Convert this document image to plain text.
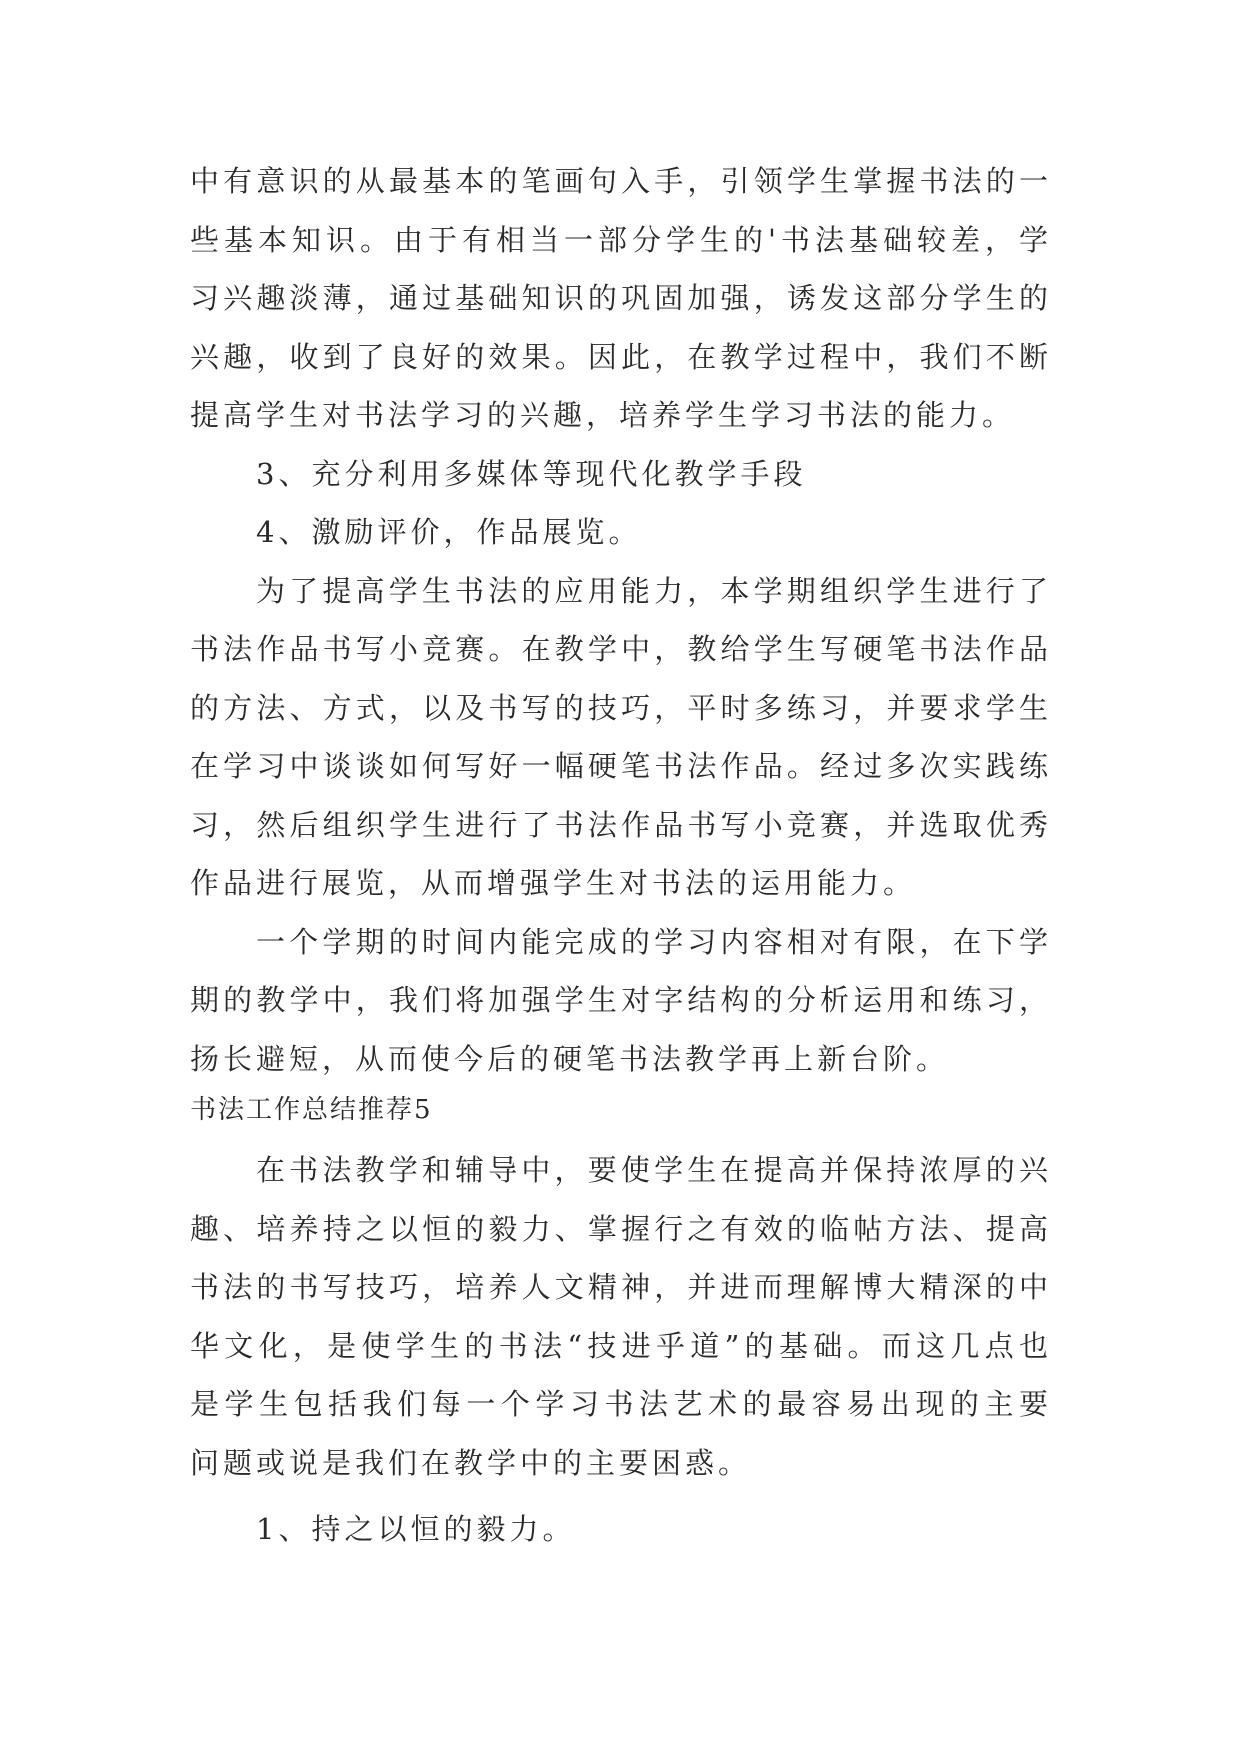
中有意识的从最基本的笔画句入手，引领学生掌握书法的一
些基本知识。由于有相当一部分学生的'书法基础较差，学
习兴趣淡薄，通过基础知识的巩固加强，诱发这部分学生的
兴趣，收到了良好的效果。因此，在教学过程中，我们不断
提高学生对书法学习的兴趣，培养学生学习书法的能力。
3、充分利用多媒体等现代化教学手段
4、激励评价，作品展览。
为了提高学生书法的应用能力，本学期组织学生进行了
书法作品书写小竞赛。在教学中，教给学生写硬笔书法作品
的方法、方式，以及书写的技巧，平时多练习，并要求学生
在学习中谈谈如何写好一幅硬笔书法作品。经过多次实践练
习，然后组织学生进行了书法作品书写小竞赛，并选取优秀
作品进行展览，从而增强学生对书法的运用能力。
一个学期的时间内能完成的学习内容相对有限，在下学
期的教学中，我们将加强学生对字结构的分析运用和练习，
扬长避短，从而使今后的硬笔书法教学再上新台阶。
书法工作总结推荐5
在书法教学和辅导中，要使学生在提高并保持浓厚的兴
趣、培养持之以恒的毅力、掌握行之有效的临帖方法、提高
书法的书写技巧，培养人文精神，并进而理解博大精深的中
华文化，是使学生的书法“技进乎道”的基础。而这几点也
是学生包括我们每一个学习书法艺术的最容易出现的主要
问题或说是我们在教学中的主要困惑。
1、持之以恒的毅力。
